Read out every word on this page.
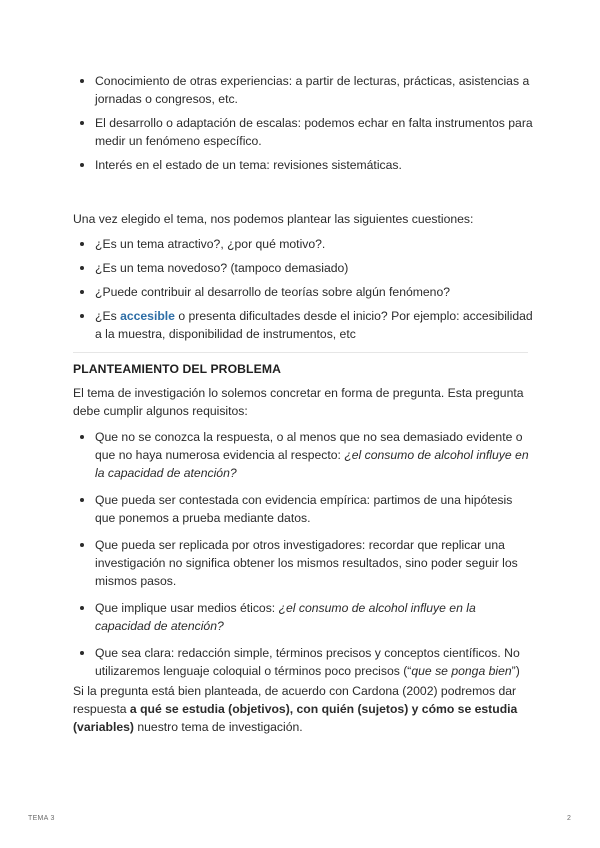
Conocimiento de otras experiencias: a partir de lecturas, prácticas, asistencias a jornadas o congresos, etc.
El desarrollo o adaptación de escalas: podemos echar en falta instrumentos para medir un fenómeno específico.
Interés en el estado de un tema: revisiones sistemáticas.

Una vez elegido el tema, nos podemos plantear las siguientes cuestiones:

¿Es un tema atractivo?, ¿por qué motivo?.
¿Es un tema novedoso? (tampoco demasiado)
¿Puede contribuir al desarrollo de teorías sobre algún fenómeno?
¿Es accesible o presenta dificultades desde el inicio? Por ejemplo: accesibilidad a la muestra, disponibilidad de instrumentos, etc
PLANTEAMIENTO DEL PROBLEMA

El tema de investigación lo solemos concretar en forma de pregunta. Esta pregunta debe cumplir algunos requisitos:

Que no se conozca la respuesta, o al menos que no sea demasiado evidente o que no haya numerosa evidencia al respecto: ¿el consumo de alcohol influye en la capacidad de atención?
Que pueda ser contestada con evidencia empírica: partimos de una hipótesis que ponemos a prueba mediante datos.
Que pueda ser replicada por otros investigadores: recordar que replicar una investigación no significa obtener los mismos resultados, sino poder seguir los mismos pasos.
Que implique usar medios éticos: ¿el consumo de alcohol influye en la capacidad de atención?
Que sea clara: redacción simple, términos precisos y conceptos científicos. No utilizaremos lenguaje coloquial o términos poco precisos (“que se ponga bien”)

Si la pregunta está bien planteada, de acuerdo con Cardona (2002) podremos dar respuesta a qué se estudia (objetivos), con quién (sujetos) y cómo se estudia (variables) nuestro tema de investigación.

TEMA 3	2
